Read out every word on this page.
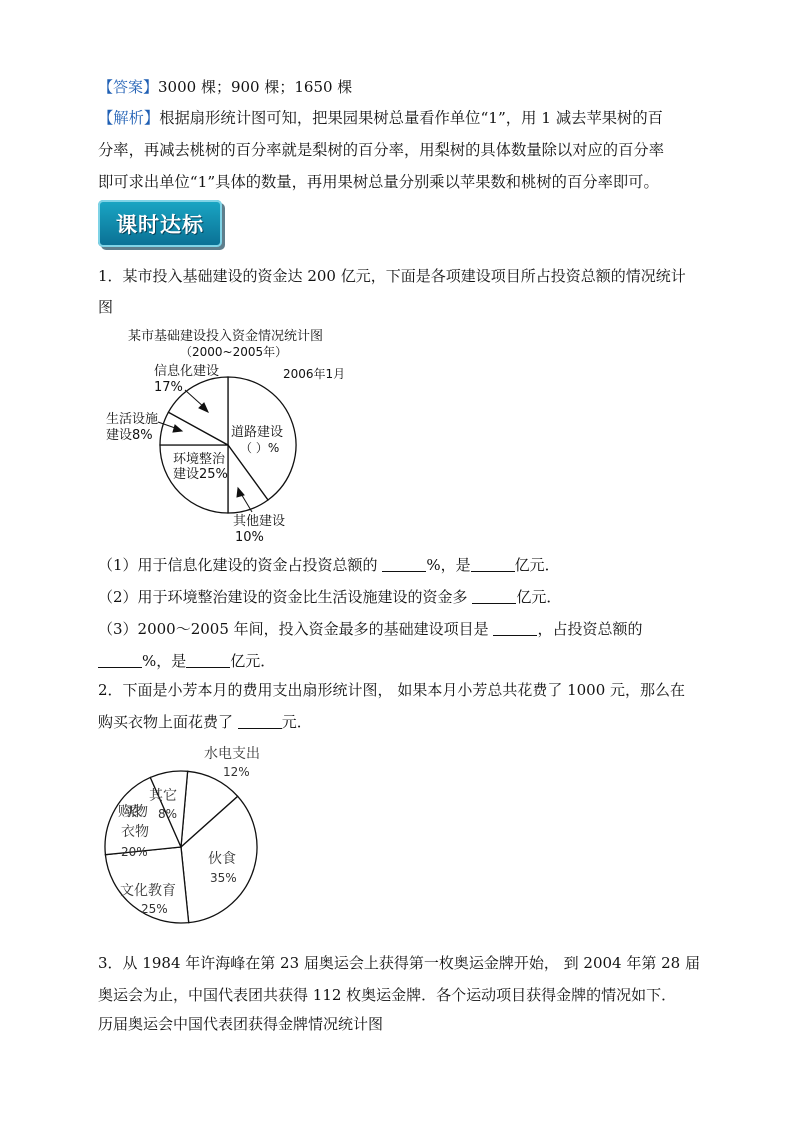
【答案】3000 棵；900 棵；1650 棵

【解析】根据扇形统计图可知，把果园果树总量看作单位“1”，用 1 减去苹果树的百

分率，再减去桃树的百分率就是梨树的百分率，用梨树的具体数量除以对应的百分率

即可求出单位“1”具体的数量，再用果树总量分别乘以苹果数和桃树的百分率即可。

课时达标

1．某市投入基础建设的资金达 200 亿元，下面是各项建设项目所占投资总额的情况统计

图

某市基础建设投入资金情况统计图
（2000~2005年）
2006年1月
信息化建设
17%
生活设施
建设8%	道路建设
（ ）%
环境整治
建设25%
其他建设
10%

（1）用于信息化建设的资金占投资总额的	%，是	亿元．

（2）用于环境整治建设的资金比生活设施建设的资金多	亿元．

（3）2000～2005 年间，投入资金最多的基础建设项目是	，占投资总额的

%，是	亿元．

2．下面是小芳本月的费用支出扇形统计图， 如果本月小芳总共花费了 1000 元，那么在

购买衣物上面花费了	元．

水电支出
12%
其它
8%
购买衣物
衣物
20%	伙食
35%
文化教育
25%

3．从 1984 年许海峰在第 23 届奥运会上获得第一枚奥运金牌开始， 到 2004 年第 28 届

奥运会为止，中国代表团共获得 112 枚奥运金牌．各个运动项目获得金牌的情况如下．

历届奥运会中国代表团获得金牌情况统计图
